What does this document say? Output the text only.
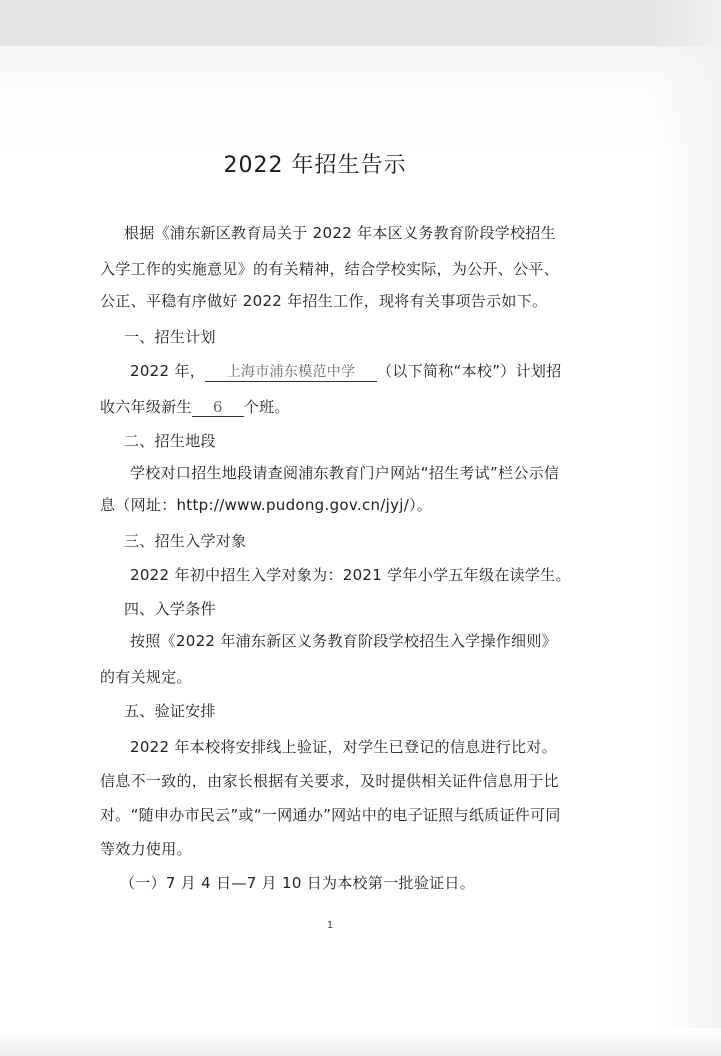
2022 年招生告示
根据《浦东新区教育局关于 2022 年本区义务教育阶段学校招生
入学工作的实施意见》的有关精神，结合学校实际，为公开、公平、
公正、平稳有序做好 2022 年招生工作，现将有关事项告示如下。
一、招生计划
2022 年， 上海市浦东模范中学 （以下简称“本校”）计划招
收六年级新生 6 个班。
二、招生地段
学校对口招生地段请查阅浦东教育门户网站“招生考试”栏公示信
息（网址：http://www.pudong.gov.cn/jyj/）。
三、招生入学对象
2022 年初中招生入学对象为：2021 学年小学五年级在读学生。
四、入学条件
按照《2022 年浦东新区义务教育阶段学校招生入学操作细则》
的有关规定。
五、验证安排
2022 年本校将安排线上验证，对学生已登记的信息进行比对。
信息不一致的，由家长根据有关要求，及时提供相关证件信息用于比
对。“随申办市民云”或“一网通办”网站中的电子证照与纸质证件可同
等效力使用。
（一）7 月 4 日—7 月 10 日为本校第一批验证日。
1
